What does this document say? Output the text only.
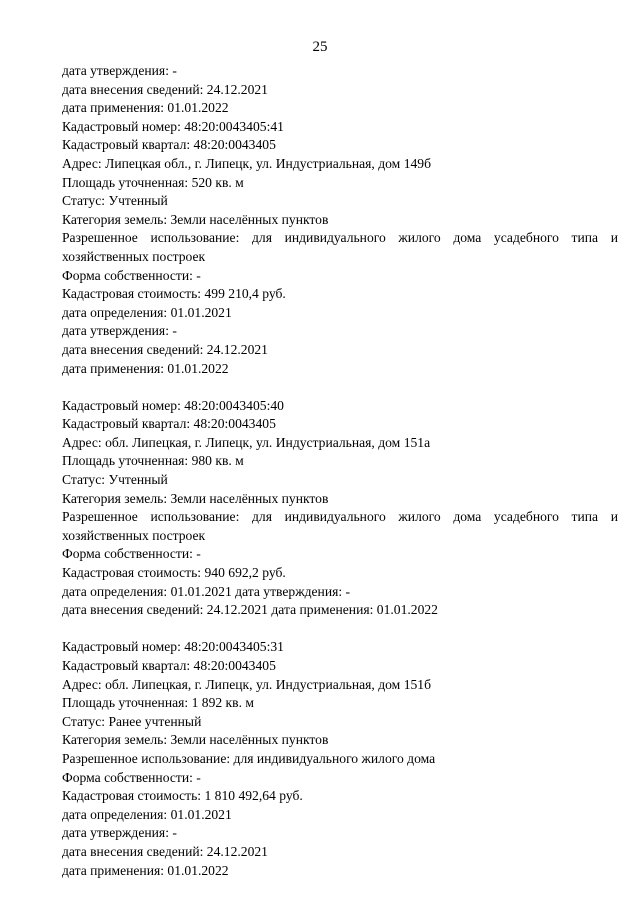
25
дата утверждения: -
дата внесения сведений: 24.12.2021
дата применения: 01.01.2022
Кадастровый номер: 48:20:0043405:41
Кадастровый квартал: 48:20:0043405
Адрес: Липецкая обл., г. Липецк, ул. Индустриальная, дом 149б
Площадь уточненная: 520 кв. м
Статус: Учтенный
Категория земель: Земли населённых пунктов
Разрешенное использование: для индивидуального жилого дома усадебного типа и
хозяйственных построек
Форма собственности: -
Кадастровая стоимость: 499 210,4 руб.
дата определения: 01.01.2021
дата утверждения: -
дата внесения сведений: 24.12.2021
дата применения: 01.01.2022
Кадастровый номер: 48:20:0043405:40
Кадастровый квартал: 48:20:0043405
Адрес: обл. Липецкая, г. Липецк, ул. Индустриальная, дом 151а
Площадь уточненная: 980 кв. м
Статус: Учтенный
Категория земель: Земли населённых пунктов
Разрешенное использование: для индивидуального жилого дома усадебного типа и
хозяйственных построек
Форма собственности: -
Кадастровая стоимость: 940 692,2 руб.
дата определения: 01.01.2021 дата утверждения: -
дата внесения сведений: 24.12.2021 дата применения: 01.01.2022
Кадастровый номер: 48:20:0043405:31
Кадастровый квартал: 48:20:0043405
Адрес: обл. Липецкая, г. Липецк, ул. Индустриальная, дом 151б
Площадь уточненная: 1 892 кв. м
Статус: Ранее учтенный
Категория земель: Земли населённых пунктов
Разрешенное использование: для индивидуального жилого дома
Форма собственности: -
Кадастровая стоимость: 1 810 492,64 руб.
дата определения: 01.01.2021
дата утверждения: -
дата внесения сведений: 24.12.2021
дата применения: 01.01.2022
